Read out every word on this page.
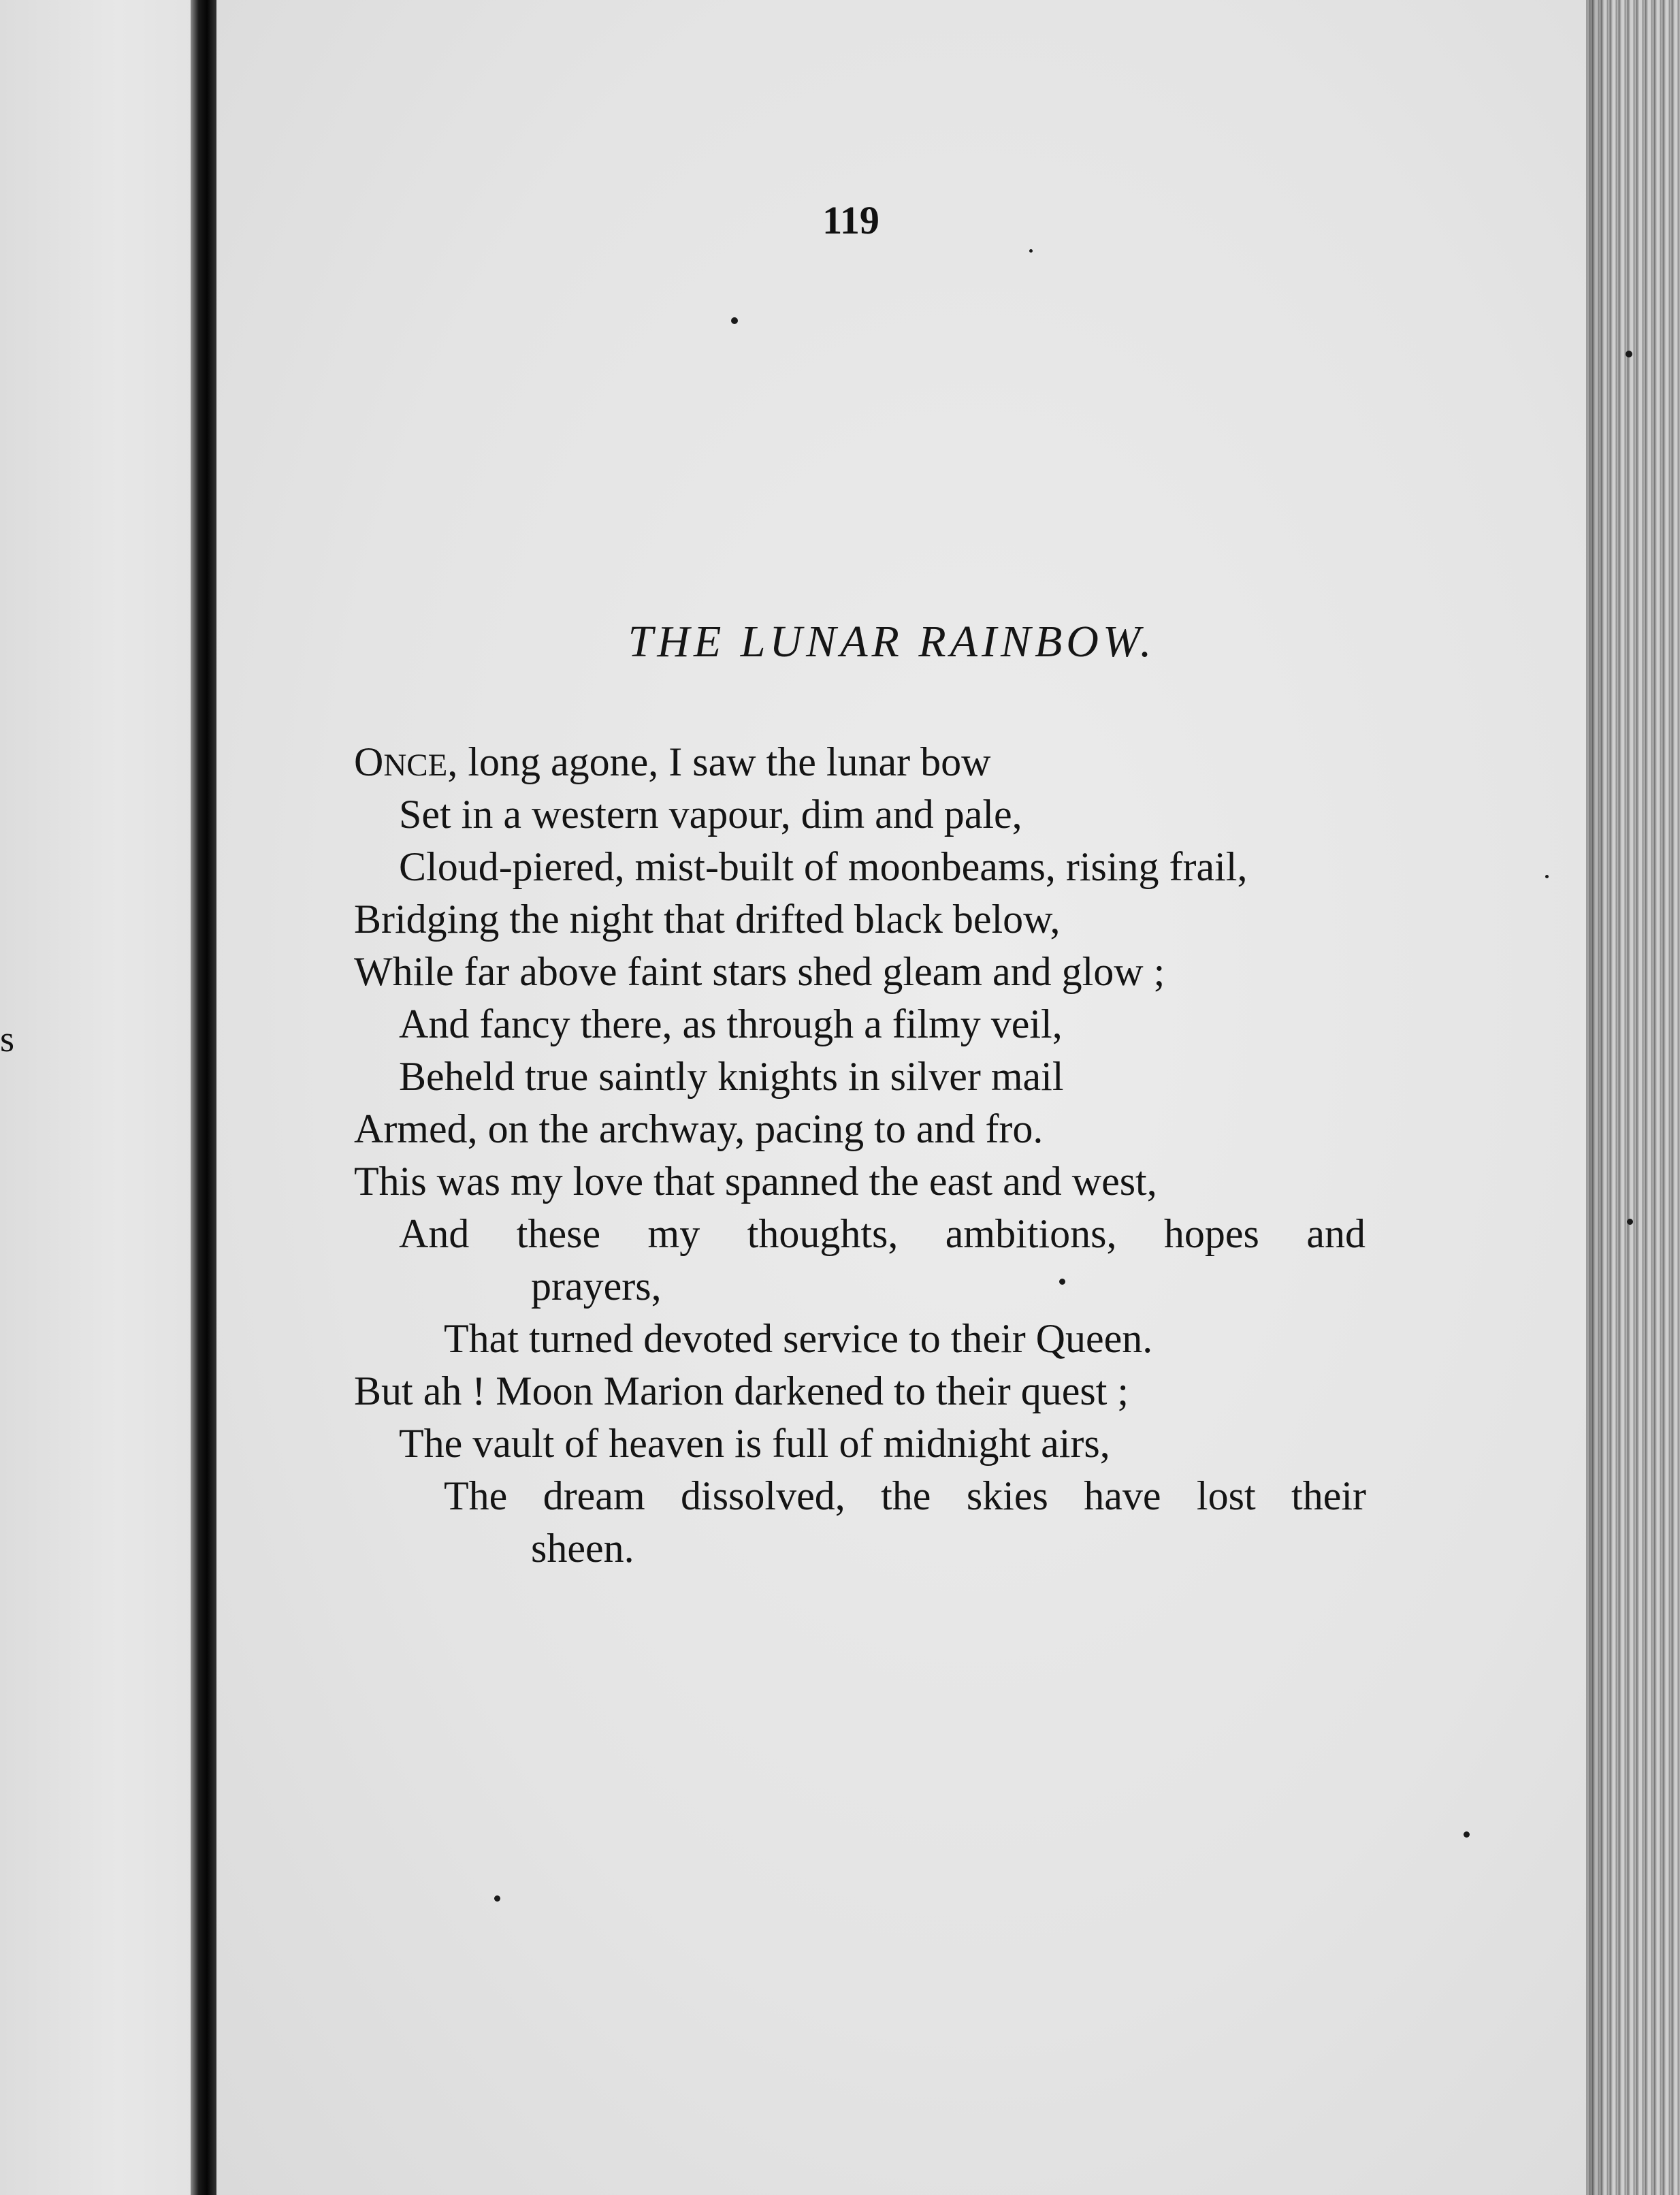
s
119
THE LUNAR RAINBOW.
ONCE, long agone, I saw the lunar bow
Set in a western vapour, dim and pale,
Cloud-piered, mist-built of moonbeams, rising frail,
Bridging the night that drifted black below,
While far above faint stars shed gleam and glow ;
And fancy there, as through a filmy veil,
Beheld true saintly knights in silver mail
Armed, on the archway, pacing to and fro.
This was my love that spanned the east and west,
And these my thoughts, ambitions, hopes and
prayers,
That turned devoted service to their Queen.
But ah ! Moon Marion darkened to their quest ;
The vault of heaven is full of midnight airs,
The dream dissolved, the skies have lost their
sheen.
